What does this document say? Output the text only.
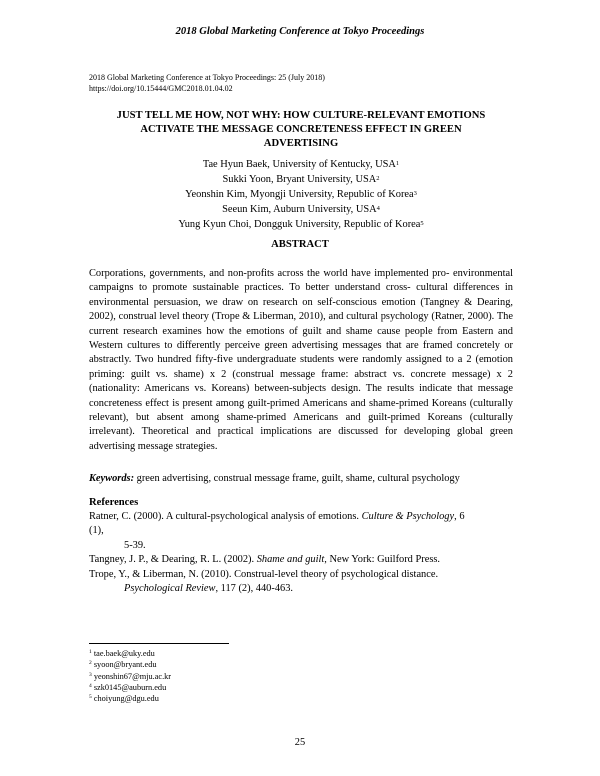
2018 Global Marketing Conference at Tokyo Proceedings
2018 Global Marketing Conference at Tokyo Proceedings: 25 (July 2018)
https://doi.org/10.15444/GMC2018.01.04.02
JUST TELL ME HOW, NOT WHY: HOW CULTURE-RELEVANT EMOTIONS
ACTIVATE THE MESSAGE CONCRETENESS EFFECT IN GREEN
ADVERTISING
Tae Hyun Baek, University of Kentucky, USA$^1$
Sukki Yoon, Bryant University, USA$^2$
Yeonshin Kim, Myongji University, Republic of Korea$^3$
Seeun Kim, Auburn University, USA$^4$
Yung Kyun Choi, Dongguk University, Republic of Korea$^5$
ABSTRACT

Corporations, governments, and non-profits across the world have implemented pro- environmental campaigns to promote sustainable practices. To better understand cross- cultural differences in environmental persuasion, we draw on research on self-conscious emotion (Tangney & Dearing, 2002), construal level theory (Trope & Liberman, 2010), and cultural psychology (Ratner, 2000). The current research examines how the emotions of guilt and shame cause people from Eastern and Western cultures to differently perceive green advertising messages that are framed concretely or abstractly. Two hundred fifty-five undergraduate students were randomly assigned to a 2 (emotion priming: guilt vs. shame) x 2 (construal message frame: abstract vs. concrete message) x 2 (nationality: Americans vs. Koreans) between-subjects design. The results indicate that message concreteness effect is present among guilt-primed Americans and shame-primed Koreans (culturally relevant), but absent among shame-primed Americans and guilt-primed Koreans (culturally irrelevant). Theoretical and practical implications are discussed for developing global green advertising message strategies.

Keywords: green advertising, construal message frame, guilt, shame, cultural psychology
References
Ratner, C. (2000). A cultural-psychological analysis of emotions. Culture & Psychology, 6
(1),
5-39.
Tangney, J. P., & Dearing, R. L. (2002). Shame and guilt, New York: Guilford Press.
Trope, Y., & Liberman, N. (2010). Construal-level theory of psychological distance.
Psychological Review, 117 (2), 440-463.
$^1$ tae.baek@uky.edu
$^2$ syoon@bryant.edu
$^3$ yeonshin67@mju.ac.kr
$^4$ szk0145@auburn.edu
$^5$ choiyung@dgu.edu
25
